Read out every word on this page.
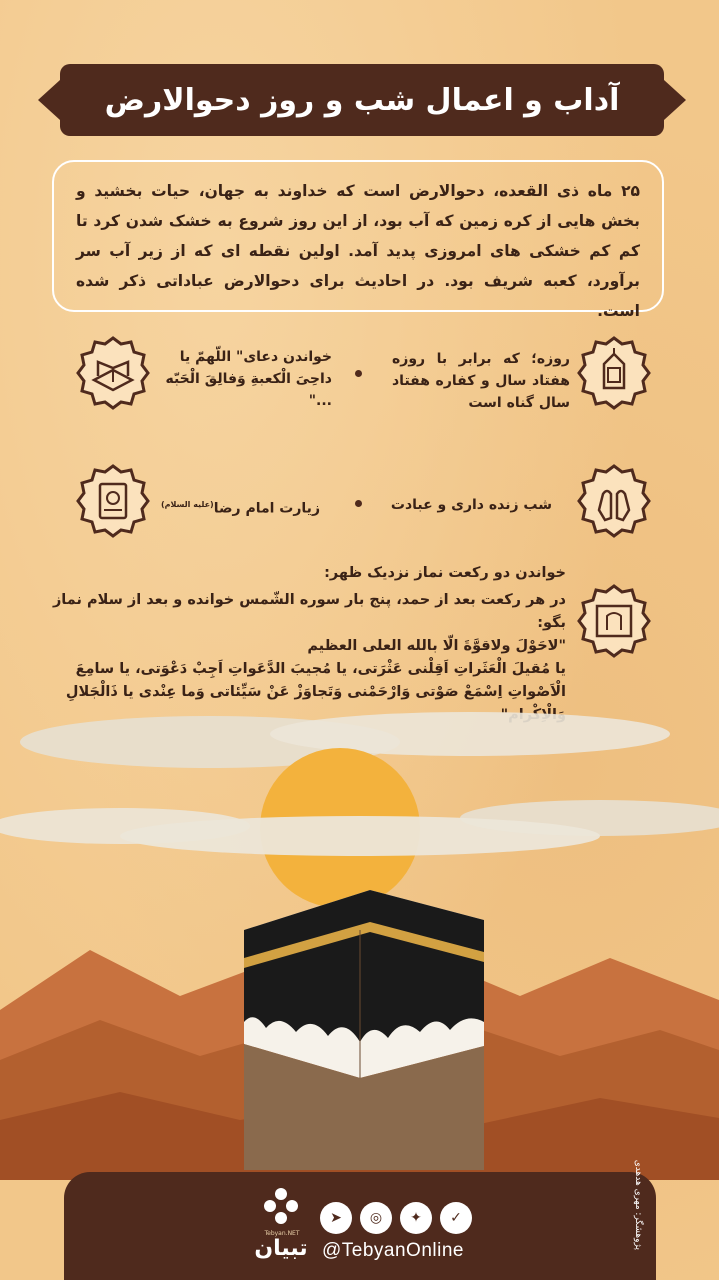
آداب و اعمال شب و روز دحوالارض
۲۵ ماه ذی القعده، دحوالارض است که خداوند به جهان، حیات بخشید و بخش هایی از کره زمین که آب بود، از این روز شروع به خشک شدن کرد تا کم کم خشکی های امروزی پدید آمد. اولین نقطه ای که از زیر آب سر برآورد، کعبه شریف بود. در احادیث برای دحوالارض عباداتی ذکر شده است.
روزه؛ که برابر با روزه هفتاد سال و کفاره هفتاد سال گناه است
خواندن دعای" اللّهمّ یا داحِیَ الْکعبةِ وَفالِقَ الْحَبّه ..."
شب زنده داری و عبادت
زیارت امام رضا$^{(علیه السلام)}$
خواندن دو رکعت نماز نزدیک ظهر:
در هر رکعت بعد از حمد، پنج بار سوره الشّمس خوانده و بعد از سلام نماز بگو:
"لاحَوْلَ ولاقوَّةَ الّا بالله العلی العظیم
یا مُقیلَ الْعَثَراتِ اَقِلْنی عَثْرَتی، یا مُجیبَ الدَّعَواتِ اَجِبْ دَعْوَتی، یا سامِعَ الْاَصْواتِ اِسْمَعْ صَوْتی وَارْحَمْنی وَتَجاوَزْ عَنْ سَیِّئاتی وَما عِنْدی یا ذَالْجَلالِ
تبیان
Tebyan.NET
➤	◎	✦	✓
@TebyanOnline
پژوهشگر: مهری هدهدی
